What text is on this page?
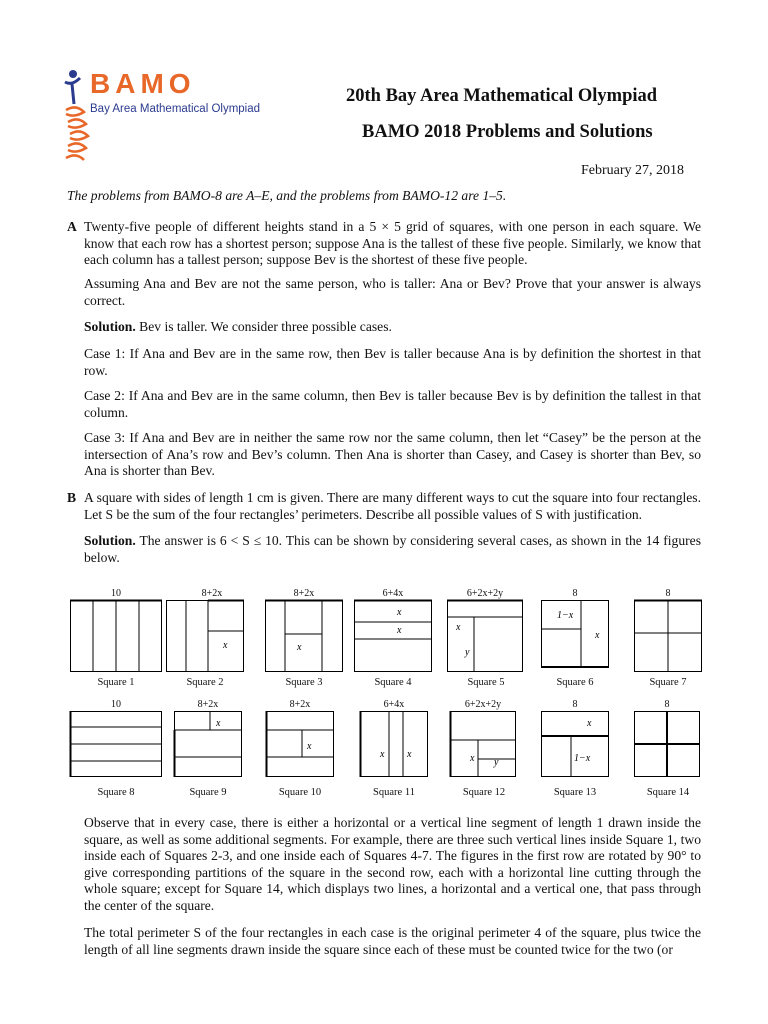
BAMO
Bay Area Mathematical Olympiad
20th Bay Area Mathematical Olympiad
BAMO 2018 Problems and Solutions
February 27, 2018
The problems from BAMO-8 are A–E, and the problems from BAMO-12 are 1–5.
A Twenty-five people of different heights stand in a 5 × 5 grid of squares, with one person in each square. We know that each row has a shortest person; suppose Ana is the tallest of these five people. Similarly, we know that each column has a tallest person; suppose Bev is the shortest of these five people.

Assuming Ana and Bev are not the same person, who is taller: Ana or Bev? Prove that your answer is always correct.

Solution. Bev is taller. We consider three possible cases.

Case 1: If Ana and Bev are in the same row, then Bev is taller because Ana is by definition the shortest in that row.

Case 2: If Ana and Bev are in the same column, then Bev is taller because Bev is by definition the tallest in that column.

Case 3: If Ana and Bev are in neither the same row nor the same column, then let “Casey” be the person at the intersection of Ana’s row and Bev’s column. Then Ana is shorter than Casey, and Casey is shorter than Bev, so Ana is shorter than Bev.

B A square with sides of length 1 cm is given. There are many different ways to cut the square into four rectangles. Let S be the sum of the four rectangles’ perimeters. Describe all possible values of S with justification.

Solution. The answer is 6 < S ≤ 10. This can be shown by considering several cases, as shown in the 14 figures below.

10
Square 1
8+2x
x
Square 2
8+2x
x
Square 3
6+4x
x
x
Square 4
6+2x+2y
x
y
Square 5
8
1−x
x
Square 6
8
Square 7
10
Square 8
8+2x
x
Square 9
8+2x
x
Square 10
6+4x
x x
Square 11
6+2x+2y
x y
Square 12
8
x
1−x
Square 13
8
Square 14

Observe that in every case, there is either a horizontal or a vertical line segment of length 1 drawn inside the square, as well as some additional segments. For example, there are three such vertical lines inside Square 1, two inside each of Squares 2-3, and one inside each of Squares 4-7. The figures in the first row are rotated by 90° to give corresponding partitions of the square in the second row, each with a horizontal line cutting through the whole square; except for Square 14, which displays two lines, a horizontal and a vertical one, that pass through the center of the square.

The total perimeter S of the four rectangles in each case is the original perimeter 4 of the square, plus twice the length of all line segments drawn inside the square since each of these must be counted twice for the two (or
